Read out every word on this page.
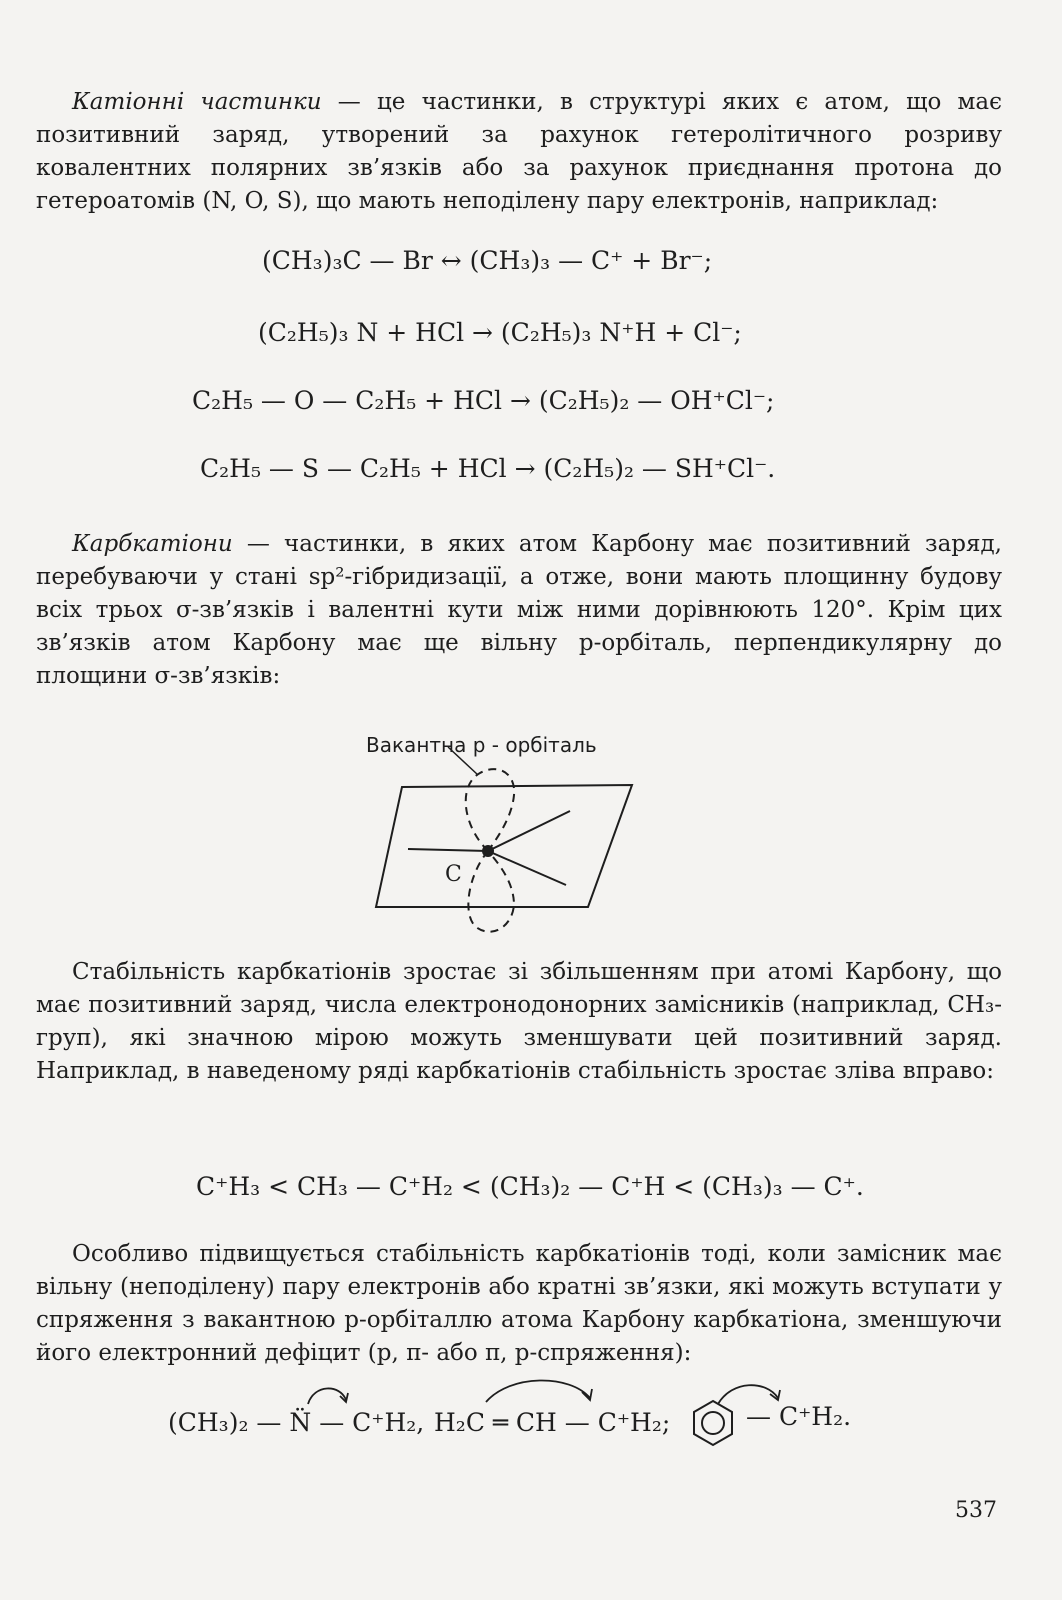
Катіонні частинки — це частинки, в структурі яких є атом, що має позитивний заряд, утворений за рахунок гетеролітичного розриву ковалентних полярних зв’язків або за рахунок приєднання протона до гетероатомів (N, O, S), що мають неподілену пару електронів, наприклад:
(CH₃)₃C — Br ↔ (CH₃)₃ — C⁺ + Br⁻;
(C₂H₅)₃ N + HCl → (C₂H₅)₃ N⁺H + Cl⁻;
C₂H₅ — O — C₂H₅ + HCl → (C₂H₅)₂ — OH⁺Cl⁻;
C₂H₅ — S — C₂H₅ + HCl → (C₂H₅)₂ — SH⁺Cl⁻.
Карбкатіони — частинки, в яких атом Карбону має позитивний заряд, перебуваючи у стані sp²-гібридизації, а отже, вони мають площинну будову всіх трьох σ-зв’язків і валентні кути між ними дорівнюють 120°. Крім цих зв’язків атом Карбону має ще вільну p-орбіталь, перпендикулярну до площини σ-зв’язків:
Вакантна p - орбіталь
C
Стабільність карбкатіонів зростає зі збільшенням при атомі Карбону, що має позитивний заряд, числа електронодонорних замісників (наприклад, CH₃-груп), які значною мірою можуть зменшувати цей позитивний заряд. Наприклад, в наведеному ряді карбкатіонів стабільність зростає зліва вправо:
C⁺H₃ < CH₃ — C⁺H₂ < (CH₃)₂ — C⁺H < (CH₃)₃ — C⁺.
Особливо підвищується стабільність карбкатіонів тоді, коли замісник має вільну (неподілену) пару електронів або кратні зв’язки, які можуть вступати у спряження з вакантною p-орбіталлю атома Карбону карбкатіона, зменшуючи його електронний дефіцит (p, π- або π, p-спряження):
(CH₃)₂ — N̈ — C⁺H₂, H₂C ═ CH — C⁺H₂;	— C⁺H₂.
537
